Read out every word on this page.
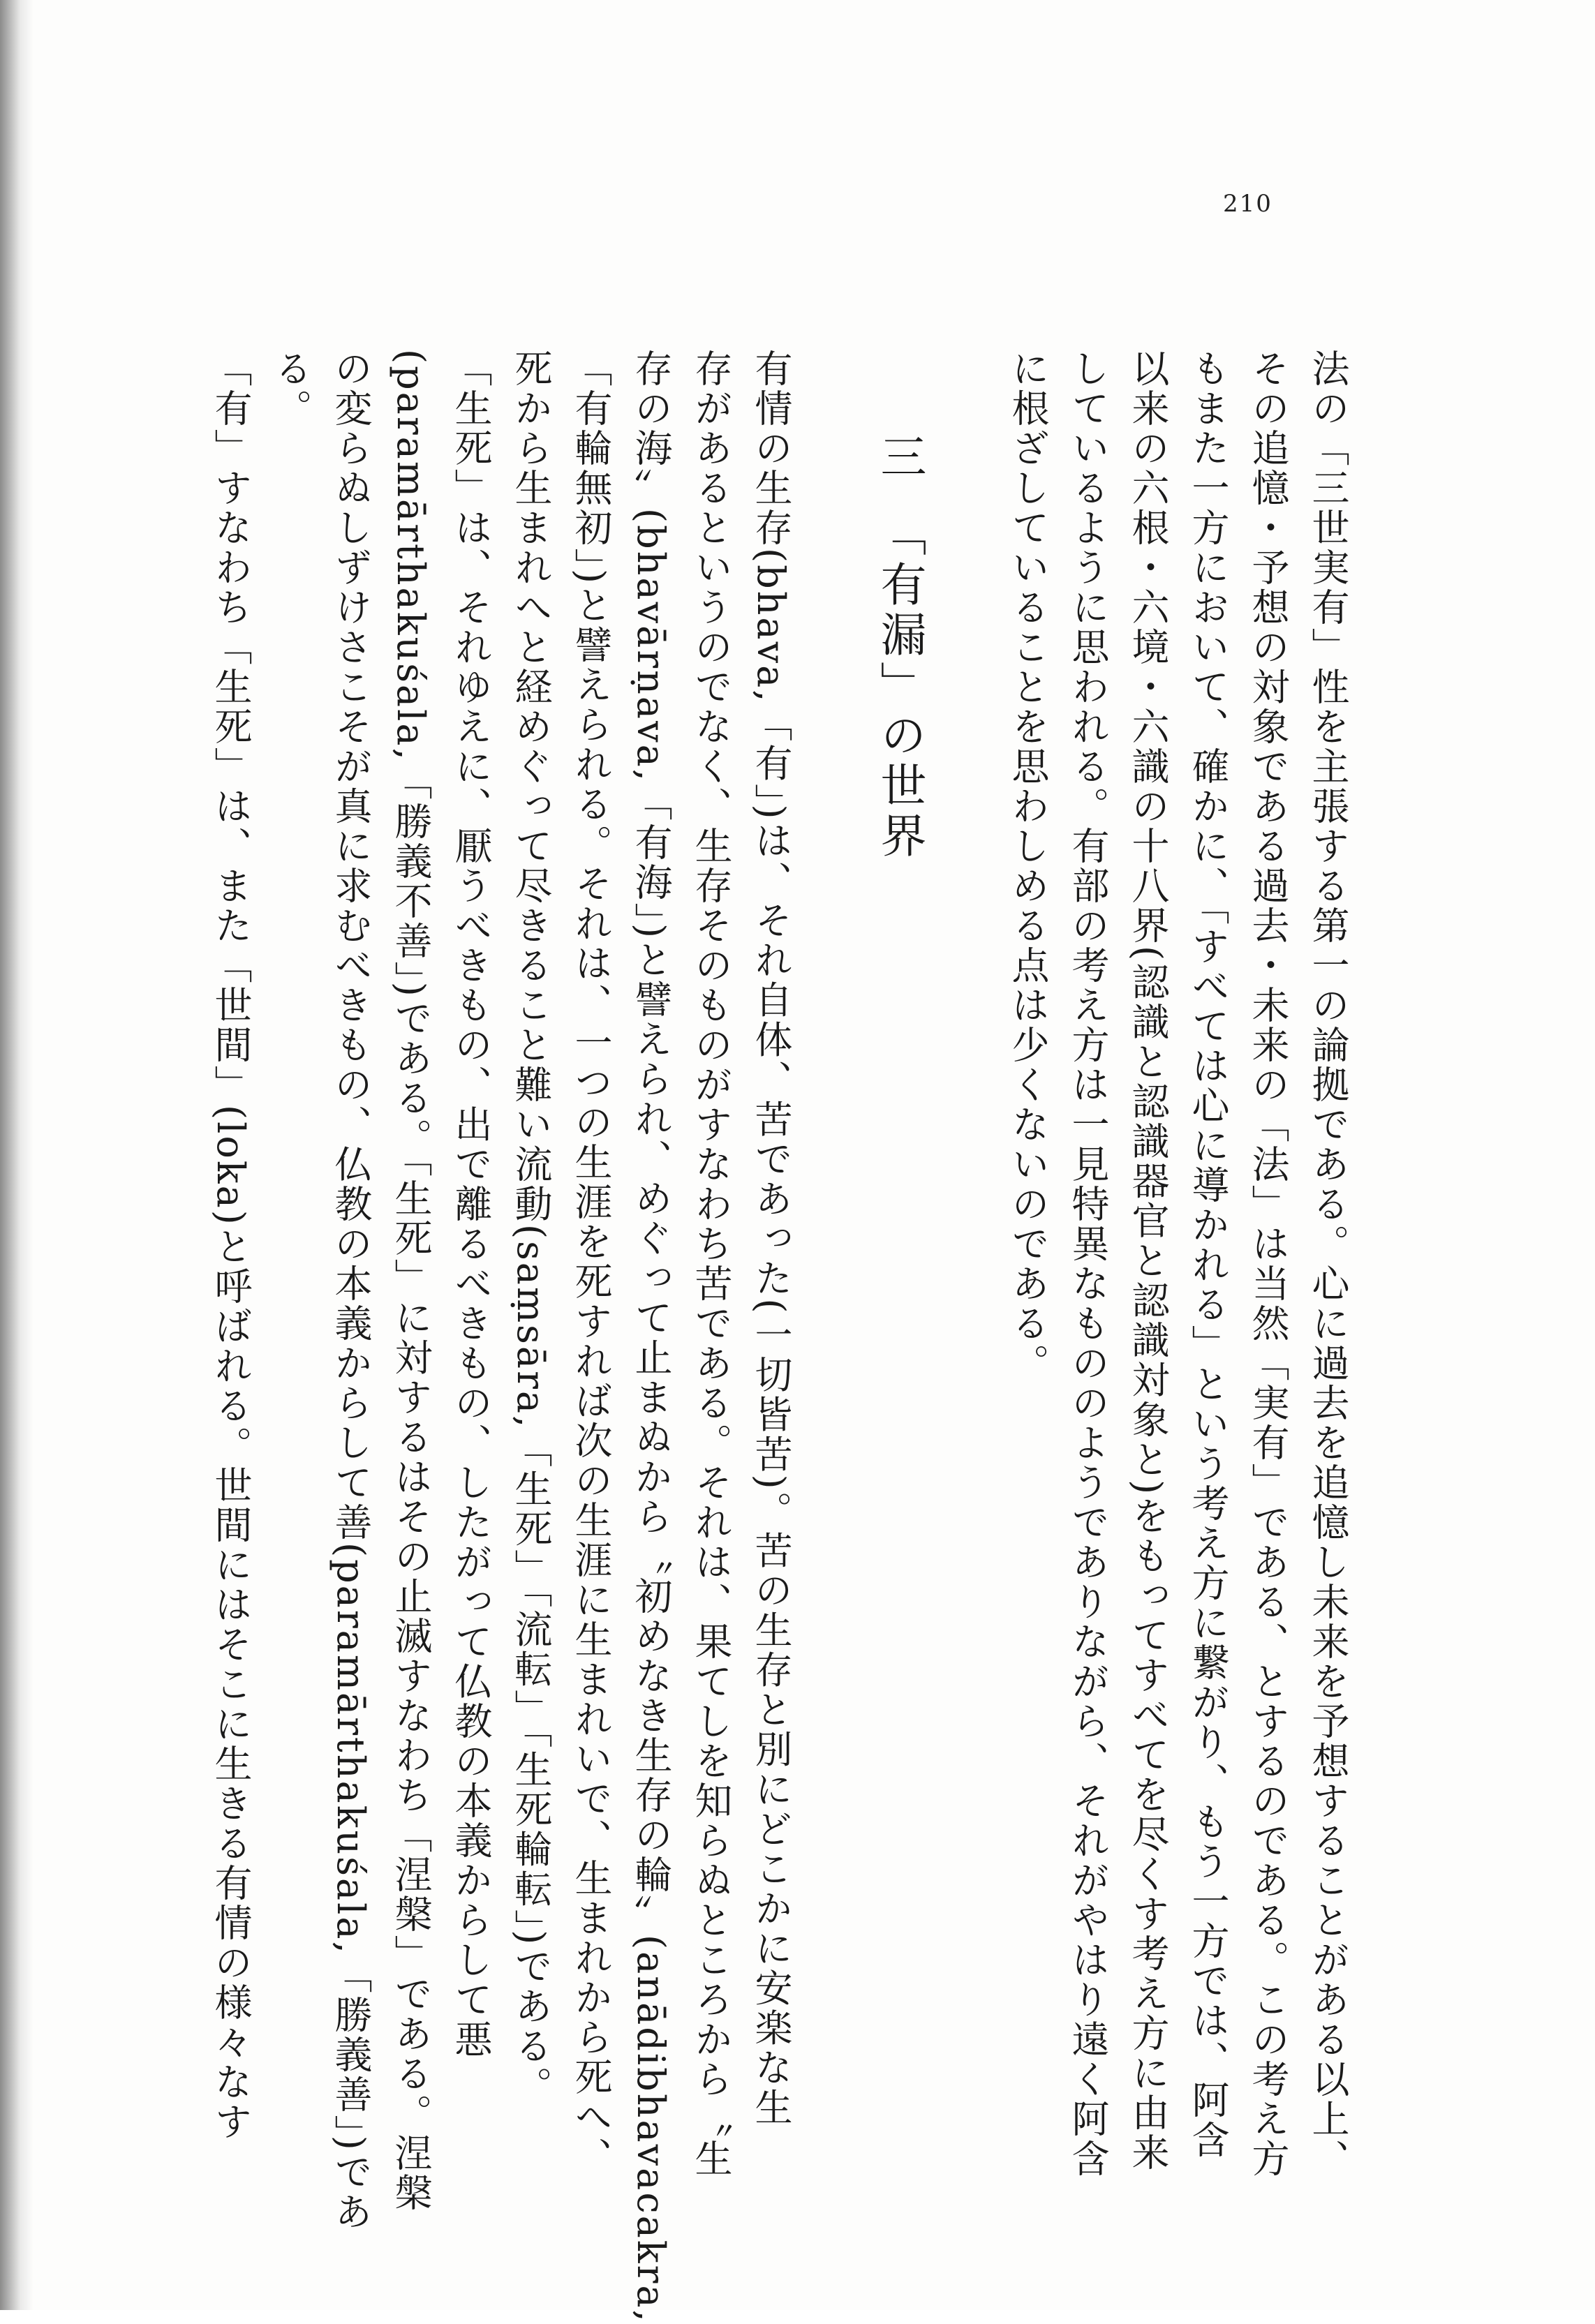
210
法の「三世実有」性を主張する第一の論拠である。心に過去を追憶し未来を予想することがある以上、
その追憶・予想の対象である過去・未来の「法」は当然「実有」である、とするのである。この考え方
もまた一方において、確かに、「すべては心に導かれる」という考え方に繋がり、もう一方では、阿含
以来の六根・六境・六識の十八界(認識と認識器官と認識対象と)をもってすべてを尽くす考え方に由来
しているように思われる。有部の考え方は一見特異なもののようでありながら、それがやはり遠く阿含
に根ざしていることを思わしめる点は少くないのである。
三　「有漏」の世界
有情の生存(bhava,「有」)は、それ自体、苦であった(一切皆苦)。苦の生存と別にどこかに安楽な生
存があるというのでなく、生存そのものがすなわち苦である。それは、果てしを知らぬところから〝生
存の海〟(bhavārṇava,「有海」)と譬えられ、めぐって止まぬから〝初めなき生存の輪〟(anādibhavacakra,
「有輪無初」)と譬えられる。それは、一つの生涯を死すれば次の生涯に生まれいで、生まれから死へ、
死から生まれへと経めぐって尽きること難い流動(saṃsāra,「生死」「流転」「生死輪転」)である。
「生死」は、それゆえに、厭うべきもの、出で離るべきもの、したがって仏教の本義からして悪
(paramārthakuśala,「勝義不善」)である。「生死」に対するはその止滅すなわち「涅槃」である。涅槃
の変らぬしずけさこそが真に求むべきもの、仏教の本義からして善(paramārthakuśala,「勝義善」)であ
る。
「有」すなわち「生死」は、また「世間」(loka)と呼ばれる。世間にはそこに生きる有情の様々なす
